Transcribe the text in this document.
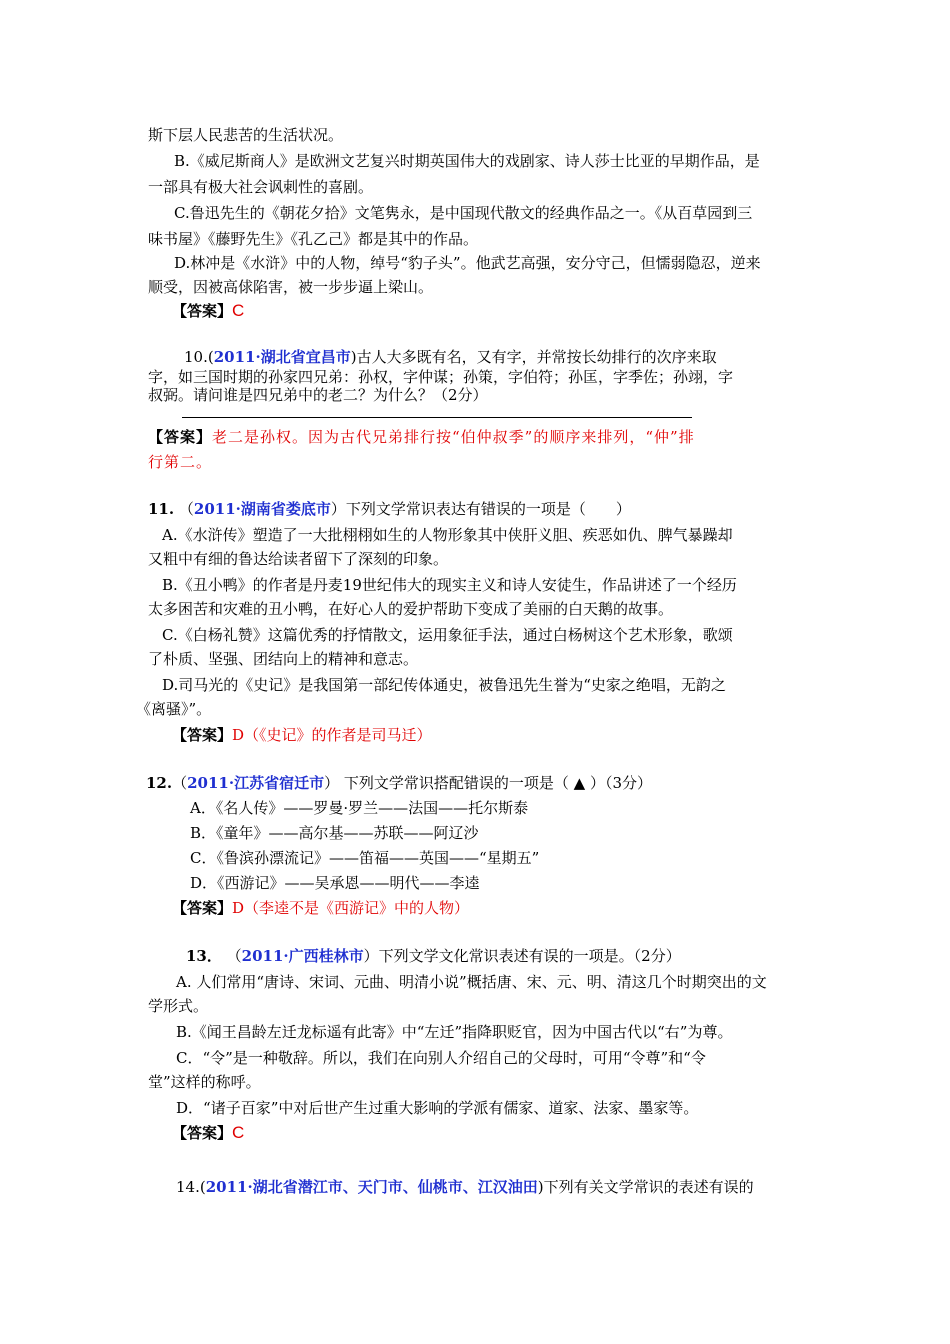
斯下层人民悲苦的生活状况。
B.《威尼斯商人》是欧洲文艺复兴时期英国伟大的戏剧家、诗人莎士比亚的早期作品，是
一部具有极大社会讽刺性的喜剧。
C.鲁迅先生的《朝花夕拾》文笔隽永，是中国现代散文的经典作品之一。《从百草园到三
味书屋》《藤野先生》《孔乙己》都是其中的作品。
D.林冲是《水浒》中的人物，绰号“豹子头”。他武艺高强，安分守己，但懦弱隐忍，逆来
顺受，因被高俅陷害，被一步步逼上梁山。
【答案】C
10.(2011·湖北省宜昌市)古人大多既有名，又有字，并常按长幼排行的次序来取
字，如三国时期的孙家四兄弟：孙权，字仲谋；孙策，字伯符；孙匡，字季佐；孙翊，字
叔弼。请问谁是四兄弟中的老二？为什么？（2分）
【答案】老二是孙权。因为古代兄弟排行按“伯仲叔季”的顺序来排列，“仲”排
行第二。
11. （2011·湖南省娄底市）下列文学常识表达有错误的一项是（　　）
A.《水浒传》塑造了一大批栩栩如生的人物形象其中侠肝义胆、疾恶如仇、脾气暴躁却
又粗中有细的鲁达给读者留下了深刻的印象。
B.《丑小鸭》的作者是丹麦19世纪伟大的现实主义和诗人安徒生，作品讲述了一个经历
太多困苦和灾难的丑小鸭，在好心人的爱护帮助下变成了美丽的白天鹅的故事。
C.《白杨礼赞》这篇优秀的抒情散文，运用象征手法，通过白杨树这个艺术形象，歌颂
了朴质、坚强、团结向上的精神和意志。
D.司马光的《史记》是我国第一部纪传体通史，被鲁迅先生誉为“史家之绝唱，无韵之
《离骚》”。
【答案】D（《史记》的作者是司马迁）
12.（2011·江苏省宿迁市） 下列文学常识搭配错误的一项是（ ▲ ）（3分）
A．《名人传》——罗曼·罗兰——法国——托尔斯泰
B．《童年》——高尔基——苏联——阿辽沙
C．《鲁滨孙漂流记》——笛福——英国——“星期五”
D．《西游记》——吴承恩——明代——李逵
【答案】D（李逵不是《西游记》中的人物）
13． （2011·广西桂林市）下列文学文化常识表述有误的一项是。（2分）
A. 人们常用“唐诗、宋词、元曲、明清小说”概括唐、宋、元、明、清这几个时期突出的文
学形式。
B.《闻王昌龄左迁龙标遥有此寄》中“左迁”指降职贬官，因为中国古代以“右”为尊。
C．“令”是一种敬辞。所以，我们在向别人介绍自己的父母时，可用“令尊”和“令
堂”这样的称呼。
D．“诸子百家”中对后世产生过重大影响的学派有儒家、道家、法家、墨家等。
【答案】C
14.(2011·湖北省潜江市、天门市、仙桃市、江汉油田)下列有关文学常识的表述有误的
